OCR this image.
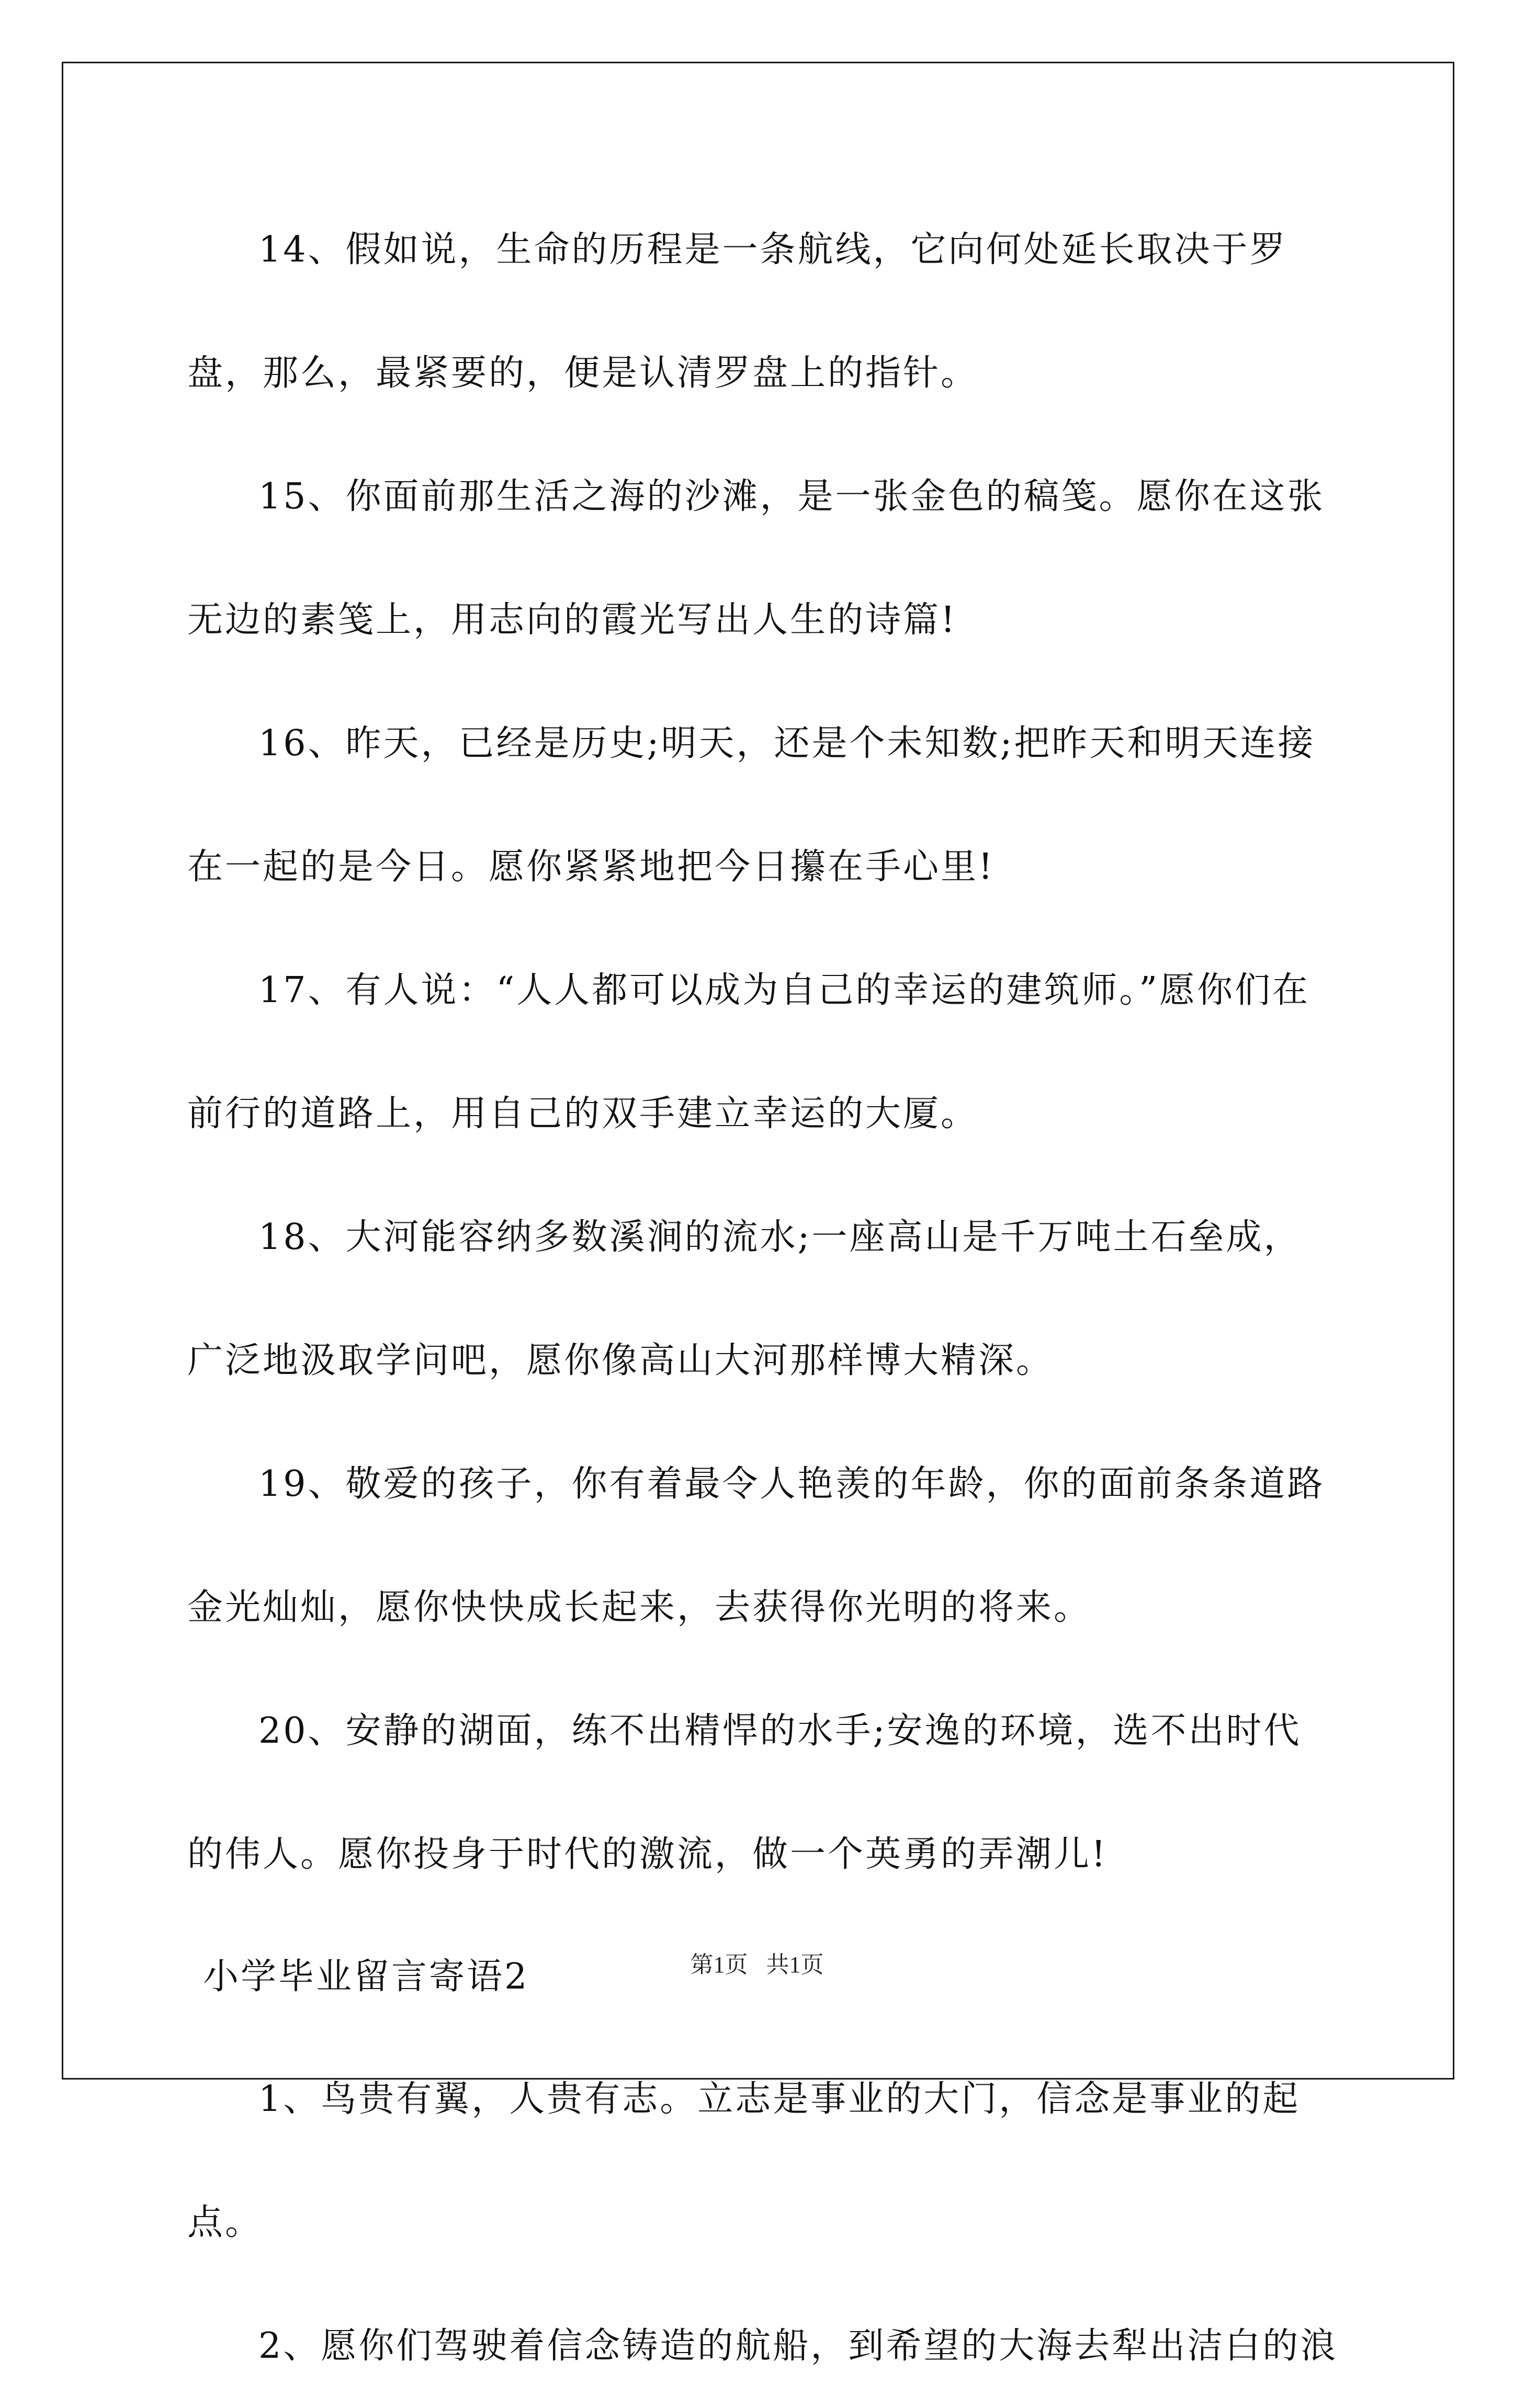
14、假如说，生命的历程是一条航线，它向何处延长取决于罗盘，那么，最紧要的，便是认清罗盘上的指针。

15、你面前那生活之海的沙滩，是一张金色的稿笺。愿你在这张无边的素笺上，用志向的霞光写出人生的诗篇!

16、昨天，已经是历史;明天，还是个未知数;把昨天和明天连接在一起的是今日。愿你紧紧地把今日攥在手心里!

17、有人说：“人人都可以成为自己的幸运的建筑师。”愿你们在前行的道路上，用自己的双手建立幸运的大厦。

18、大河能容纳多数溪涧的流水;一座高山是千万吨土石垒成，广泛地汲取学问吧，愿你像高山大河那样博大精深。

19、敬爱的孩子，你有着最令人艳羡的年龄，你的面前条条道路金光灿灿，愿你快快成长起来，去获得你光明的将来。

20、安静的湖面，练不出精悍的水手;安逸的环境，选不出时代的伟人。愿你投身于时代的激流，做一个英勇的弄潮儿!

小学毕业留言寄语2

1、鸟贵有翼，人贵有志。立志是事业的大门，信念是事业的起点。

2、愿你们驾驶着信念铸造的航船，到希望的大海去犁出洁白的浪

第1页 共1页
